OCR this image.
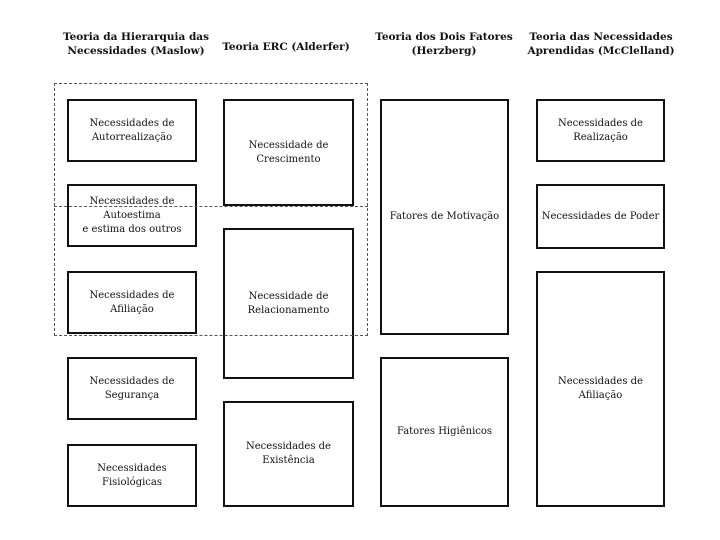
Teoria da Hierarquia das
Necessidades (Maslow)	Teoria ERC (Alderfer)
Teoria dos Dois Fatores
(Herzberg)
Teoria das Necessidades
Aprendidas (McClelland)
Necessidades de
Autorrealização
Necessidades de Autoestima
e estima dos outros
Necessidades de Afiliação
Necessidades de Segurança
Necessidades Fisiológicas
Necessidade de Crescimento
Necessidade de
Relacionamento
Necessidades de Existência
Fatores de Motivação
Fatores Higiênicos
Necessidades de Realização
Necessidades de Poder
Necessidades de Afiliação
